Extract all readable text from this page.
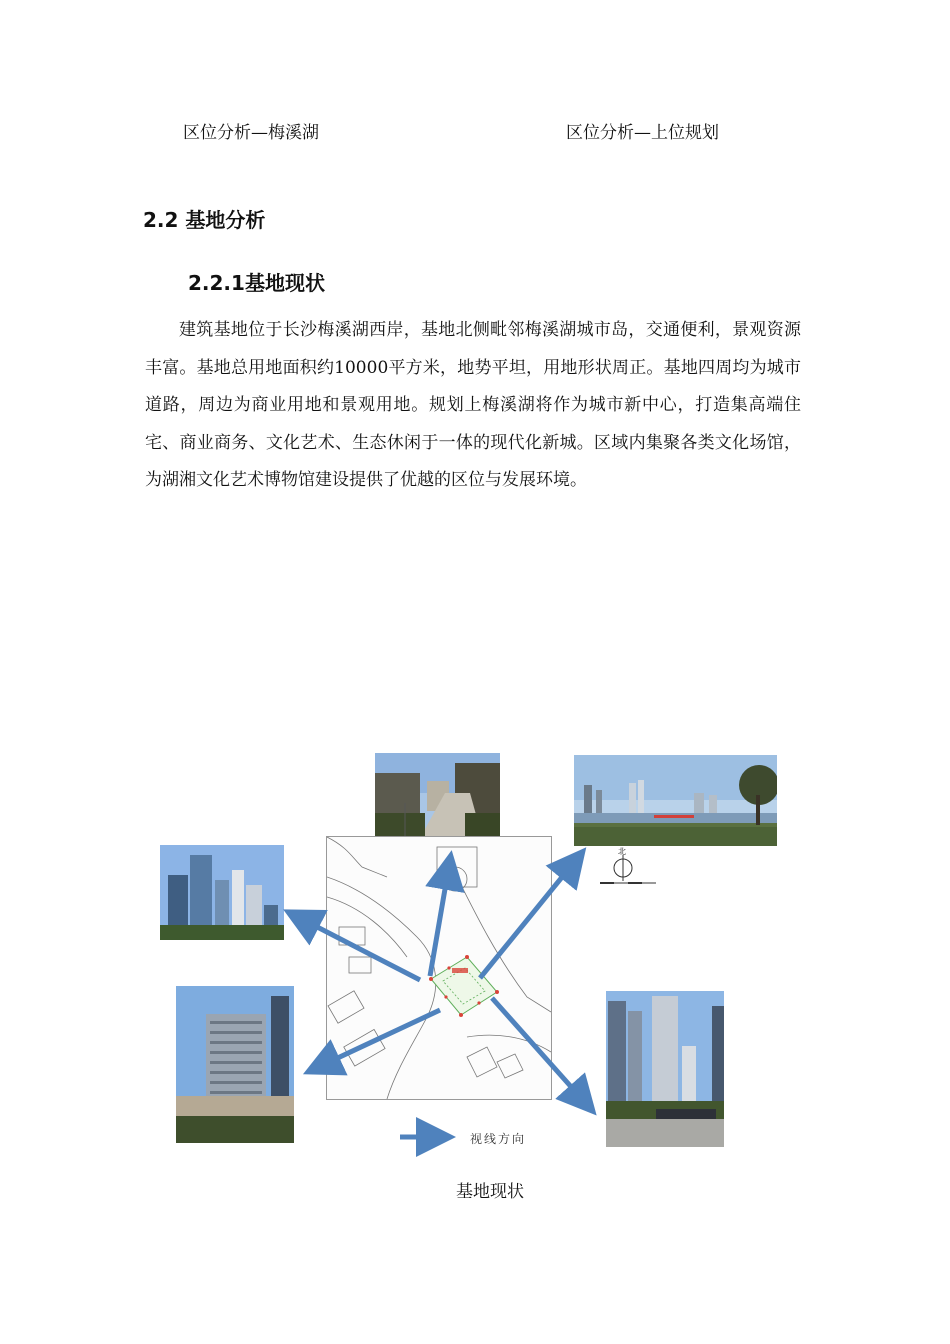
区位分析—梅溪湖	区位分析—上位规划
2.2 基地分析
2.2.1基地现状

建筑基地位于长沙梅溪湖西岸，基地北侧毗邻梅溪湖城市岛，交通便利，景观资源丰富。基地总用地面积约10000平方米，地势平坦，用地形状周正。基地四周均为城市道路，周边为商业用地和景观用地。规划上梅溪湖将作为城市新中心，打造集高端住宅、商业商务、文化艺术、生态休闲于一体的现代化新城。区域内集聚各类文化场馆，为湖湘文化艺术博物馆建设提供了优越的区位与发展环境。

北
视线方向
基地现状
